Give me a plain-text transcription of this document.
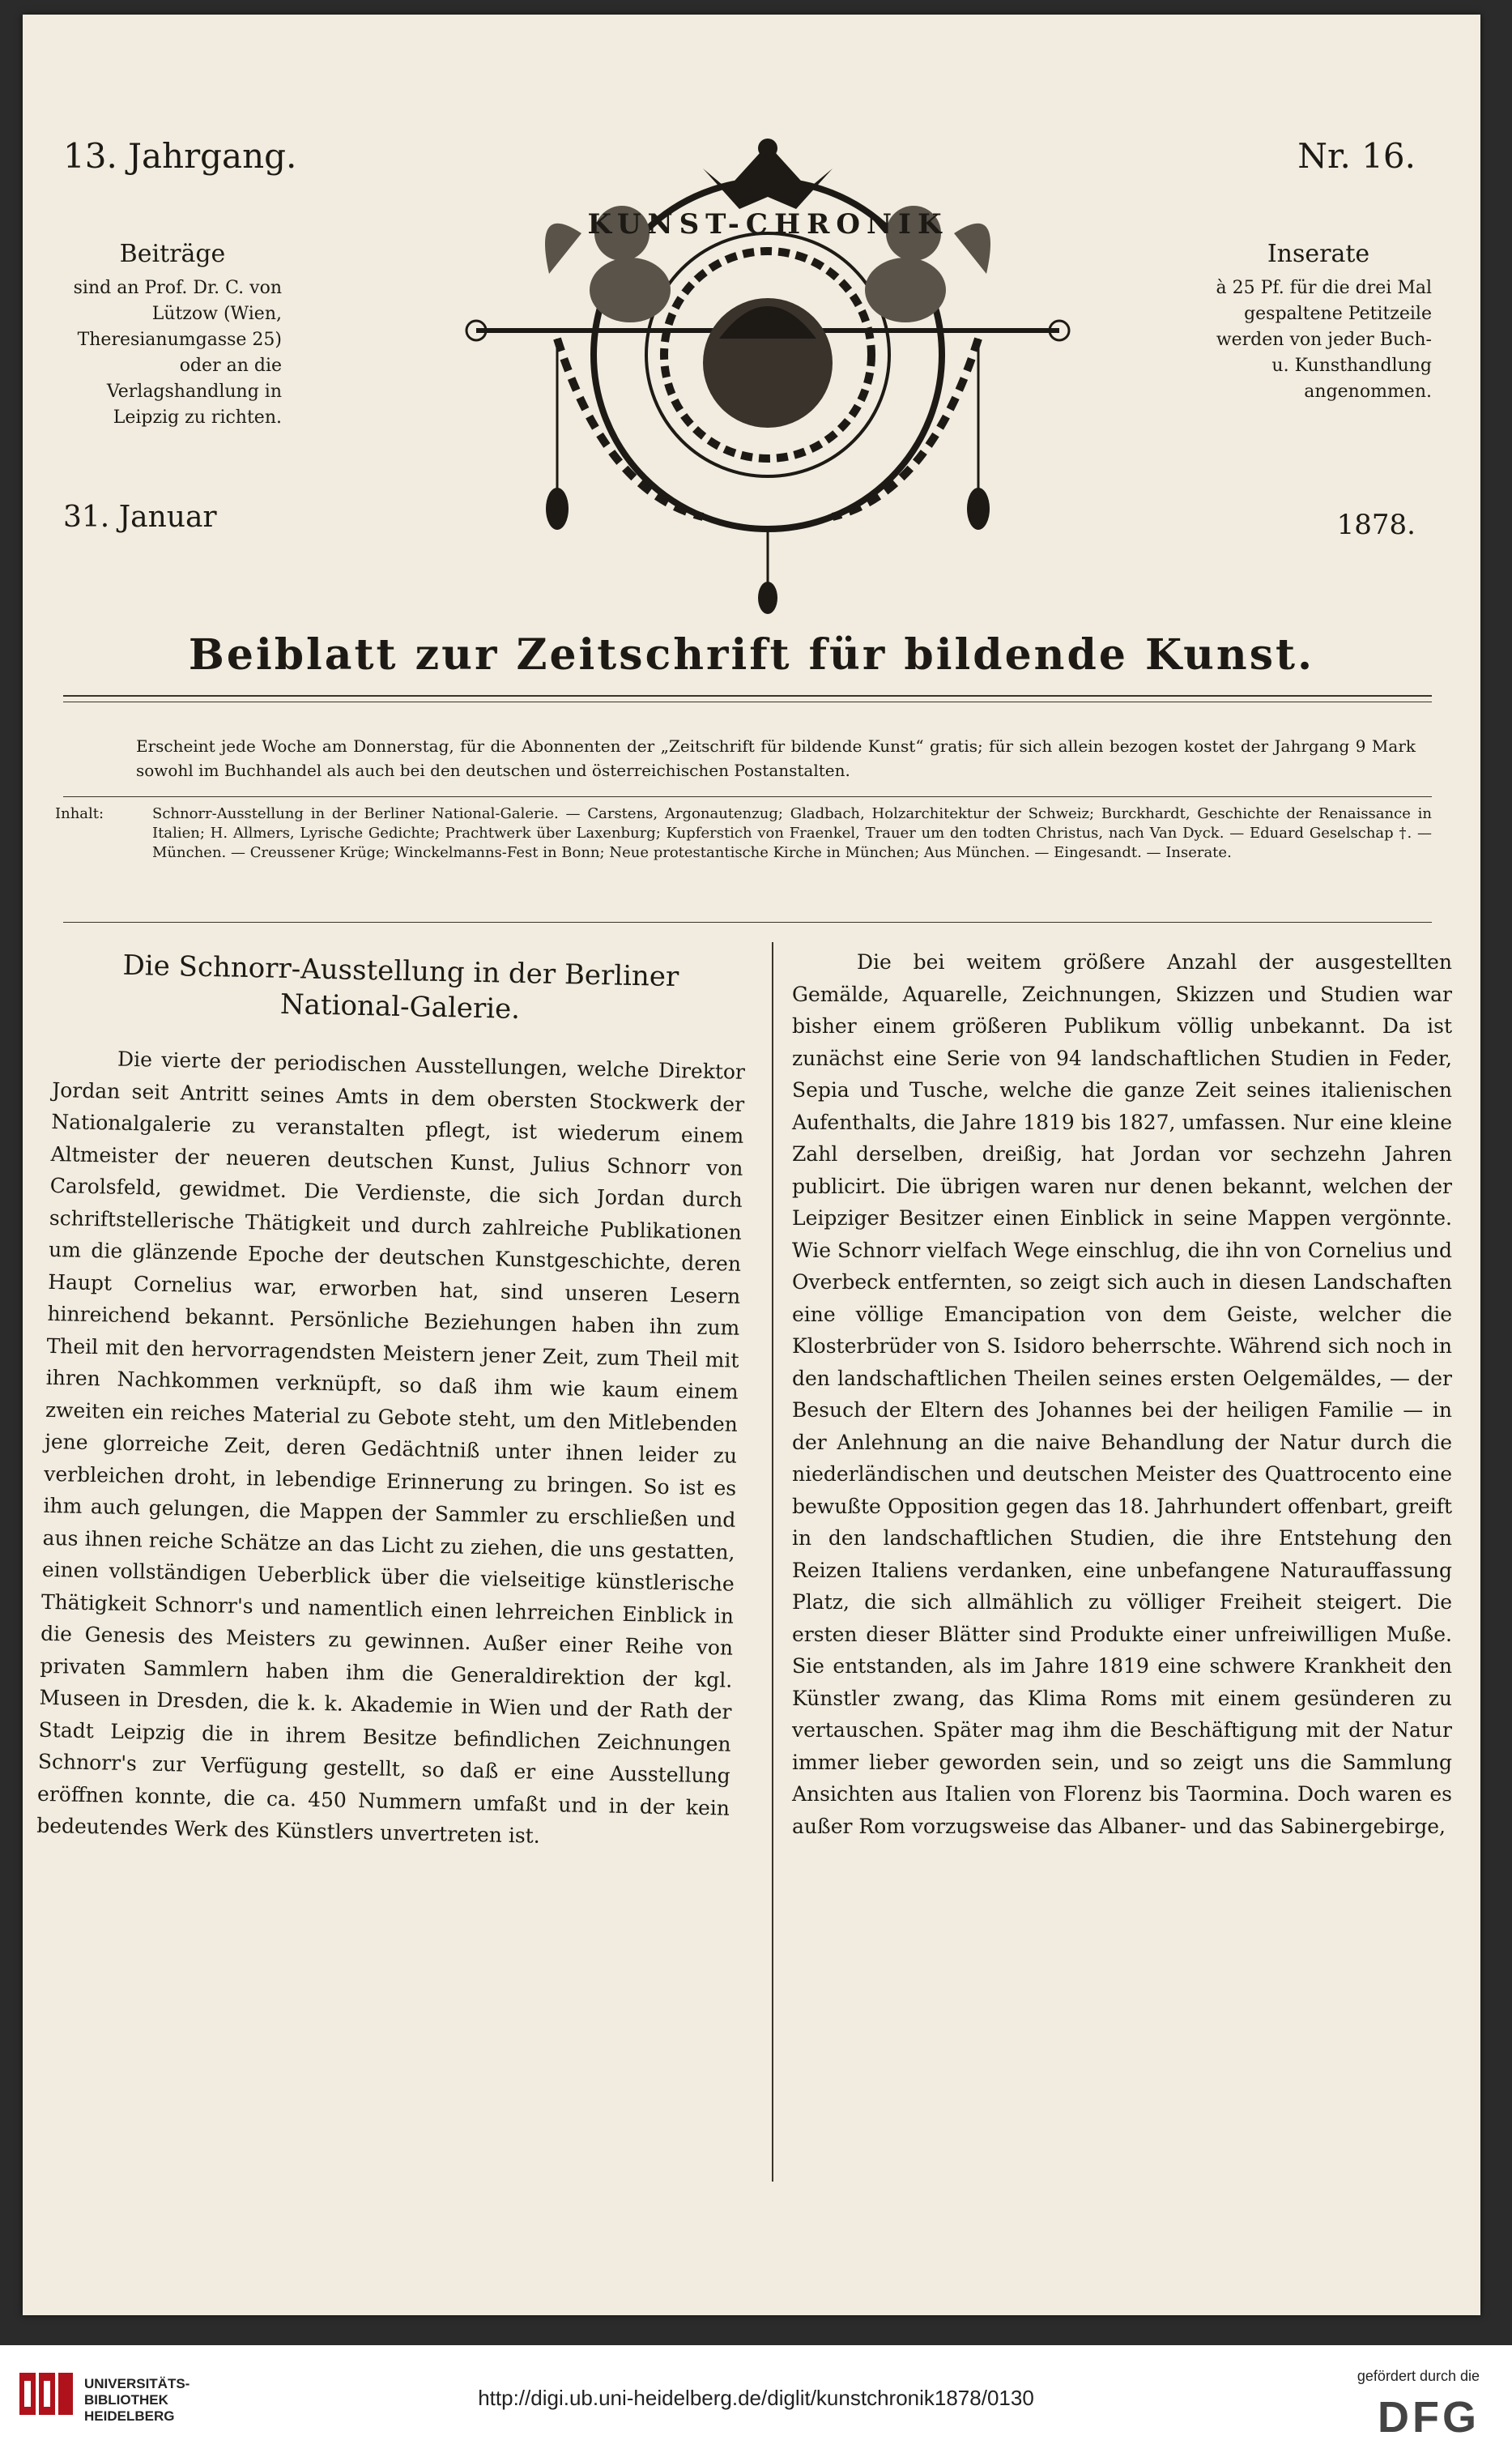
13. Jahrgang.	Nr. 16.
Beiträge
sind an Prof. Dr. C. von Lützow (Wien, Theresianumgasse 25) oder an die Verlagshandlung in Leipzig zu richten.
Inserate
à 25 Pf. für die drei Mal gespaltene Petitzeile werden von jeder Buch- u. Kunsthandlung angenommen.
31. Januar	1878.
KUNST-CHRONIK
Beiblatt zur Zeitschrift für bildende Kunst.
Erscheint jede Woche am Donnerstag, für die Abonnenten der „Zeitschrift für bildende Kunst“ gratis; für sich allein bezogen kostet der Jahrgang 9 Mark sowohl im Buchhandel als auch bei den deutschen und österreichischen Postanstalten.
Inhalt:	Schnorr-Ausstellung in der Berliner National-Galerie. — Carstens, Argonautenzug; Gladbach, Holzarchitektur der Schweiz; Burckhardt, Geschichte der Renaissance in Italien; H. Allmers, Lyrische Gedichte; Prachtwerk über Laxenburg; Kupferstich von Fraenkel, Trauer um den todten Christus, nach Van Dyck. — Eduard Geselschap †. — München. — Creussener Krüge; Winckelmanns-Fest in Bonn; Neue protestantische Kirche in München; Aus München. — Eingesandt. — Inserate.
Die Schnorr-Ausstellung in der Berliner National-Galerie.

Die vierte der periodischen Ausstellungen, welche Direktor Jordan seit Antritt seines Amts in dem obersten Stockwerk der Nationalgalerie zu veranstalten pflegt, ist wiederum einem Altmeister der neueren deutschen Kunst, Julius Schnorr von Carolsfeld, gewidmet. Die Verdienste, die sich Jordan durch schriftstellerische Thätigkeit und durch zahlreiche Publikationen um die glänzende Epoche der deutschen Kunstgeschichte, deren Haupt Cornelius war, erworben hat, sind unseren Lesern hinreichend bekannt. Persönliche Beziehungen haben ihn zum Theil mit den hervorragendsten Meistern jener Zeit, zum Theil mit ihren Nachkommen verknüpft, so daß ihm wie kaum einem zweiten ein reiches Material zu Gebote steht, um den Mitlebenden jene glorreiche Zeit, deren Gedächtniß unter ihnen leider zu verbleichen droht, in lebendige Erinnerung zu bringen. So ist es ihm auch gelungen, die Mappen der Sammler zu erschließen und aus ihnen reiche Schätze an das Licht zu ziehen, die uns gestatten, einen vollständigen Ueberblick über die vielseitige künstlerische Thätigkeit Schnorr's und namentlich einen lehrreichen Einblick in die Genesis des Meisters zu gewinnen. Außer einer Reihe von privaten Sammlern haben ihm die Generaldirektion der kgl. Museen in Dresden, die k. k. Akademie in Wien und der Rath der Stadt Leipzig die in ihrem Besitze befindlichen Zeichnungen Schnorr's zur Verfügung gestellt, so daß er eine Ausstellung eröffnen konnte, die ca. 450 Nummern umfaßt und in der kein bedeutendes Werk des Künstlers unvertreten ist.

Die bei weitem größere Anzahl der ausgestellten Gemälde, Aquarelle, Zeichnungen, Skizzen und Studien war bisher einem größeren Publikum völlig unbekannt. Da ist zunächst eine Serie von 94 landschaftlichen Studien in Feder, Sepia und Tusche, welche die ganze Zeit seines italienischen Aufenthalts, die Jahre 1819 bis 1827, umfassen. Nur eine kleine Zahl derselben, dreißig, hat Jordan vor sechzehn Jahren publicirt. Die übrigen waren nur denen bekannt, welchen der Leipziger Besitzer einen Einblick in seine Mappen vergönnte. Wie Schnorr vielfach Wege einschlug, die ihn von Cornelius und Overbeck entfernten, so zeigt sich auch in diesen Landschaften eine völlige Emancipation von dem Geiste, welcher die Klosterbrüder von S. Isidoro beherrschte. Während sich noch in den landschaftlichen Theilen seines ersten Oelgemäldes, — der Besuch der Eltern des Johannes bei der heiligen Familie — in der Anlehnung an die naive Behandlung der Natur durch die niederländischen und deutschen Meister des Quattrocento eine bewußte Opposition gegen das 18. Jahrhundert offenbart, greift in den landschaftlichen Studien, die ihre Entstehung den Reizen Italiens verdanken, eine unbefangene Naturauffassung Platz, die sich allmählich zu völliger Freiheit steigert. Die ersten dieser Blätter sind Produkte einer unfreiwilligen Muße. Sie entstanden, als im Jahre 1819 eine schwere Krankheit den Künstler zwang, das Klima Roms mit einem gesünderen zu vertauschen. Später mag ihm die Beschäftigung mit der Natur immer lieber geworden sein, und so zeigt uns die Sammlung Ansichten aus Italien von Florenz bis Taormina. Doch waren es außer Rom vorzugsweise das Albaner- und das Sabinergebirge,

UNIVERSITÄTS-
BIBLIOTHEK
HEIDELBERG
http://digi.ub.uni-heidelberg.de/diglit/kunstchronik1878/0130
gefördert durch die
DFG
